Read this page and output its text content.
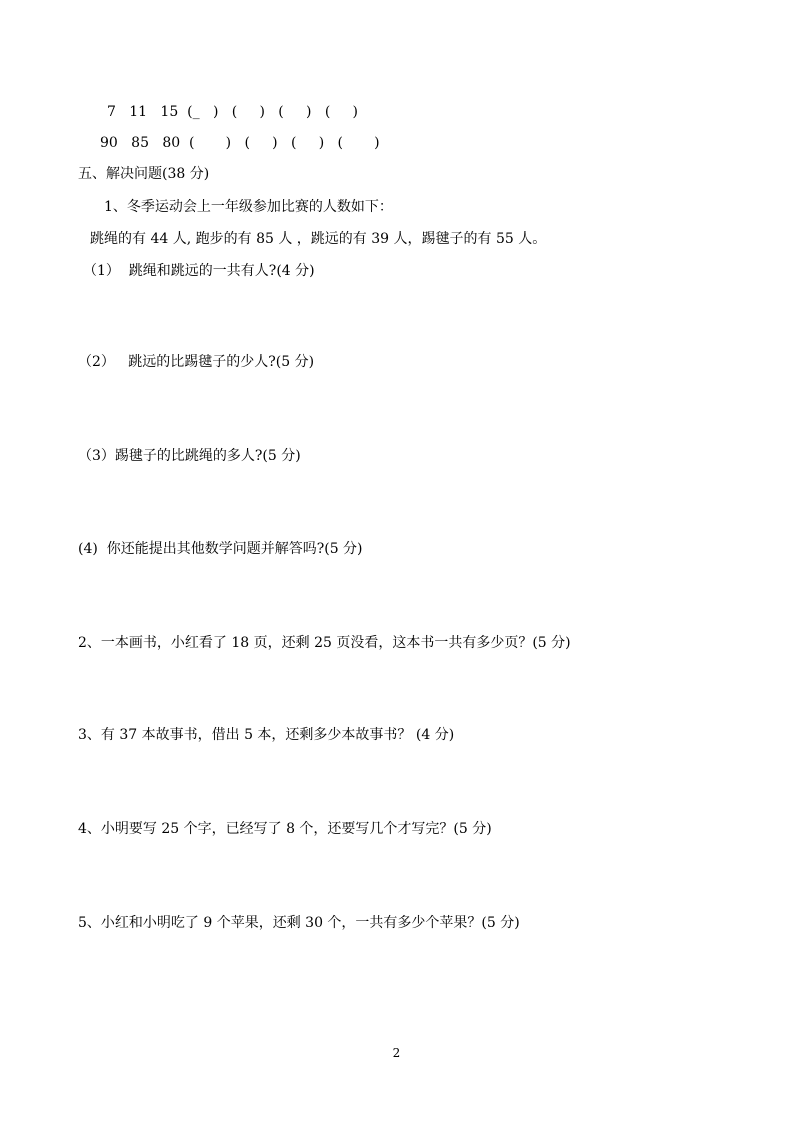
7   11   15  (_   )   (     )   (     )   (     )
90   85   80  (       )   (     )   (     )   (       )
五、解决问题(38 分)
1、冬季运动会上一年级参加比赛的人数如下：
跳绳的有 44 人, 跑步的有 85 人 ，跳远的有 39 人，踢毽子的有 55 人。
（1）  跳绳和跳远的一共有人?(4 分)
（2）   跳远的比踢毽子的少人?(5 分)
（3）踢毽子的比跳绳的多人?(5 分)
(4)  你还能提出其他数学问题并解答吗?(5 分)
2、一本画书，小红看了 18 页，还剩 25 页没看，这本书一共有多少页？(5 分)
3、有 37 本故事书，借出 5 本，还剩多少本故事书？ (4 分)
4、小明要写 25 个字，已经写了 8 个，还要写几个才写完？(5 分)
5、小红和小明吃了 9 个苹果，还剩 30 个，一共有多少个苹果？(5 分)
2
